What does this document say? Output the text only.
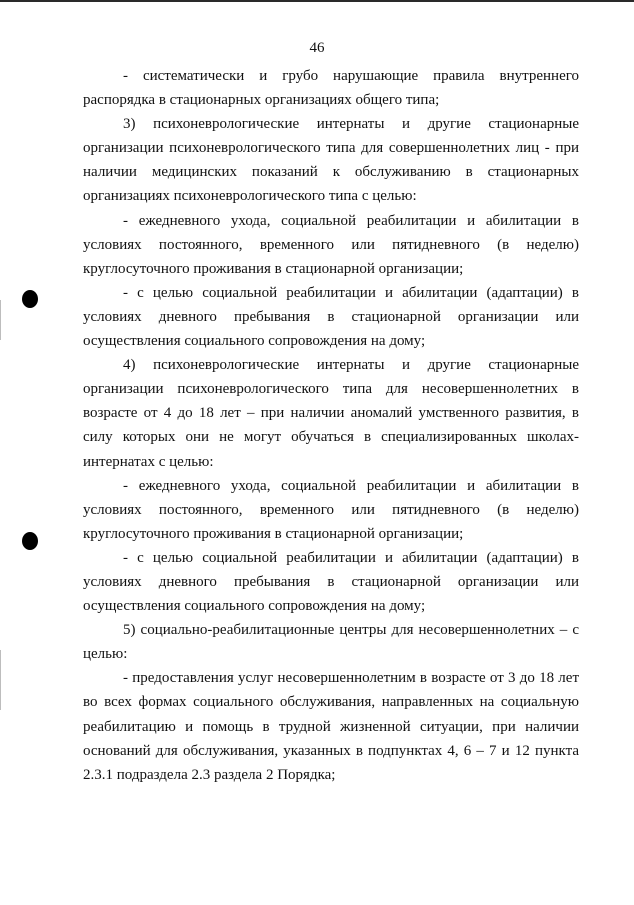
46

- систематически и грубо нарушающие правила внутреннего распорядка в стационарных организациях общего типа;

3) психоневрологические интернаты и другие стационарные организации психоневрологического типа для совершеннолетних лиц - при наличии медицинских показаний к обслуживанию в стационарных организациях психоневрологического типа с целью:

- ежедневного ухода, социальной реабилитации и абилитации в условиях постоянного, временного или пятидневного (в неделю) круглосуточного проживания в стационарной организации;

- с целью социальной реабилитации и абилитации (адаптации) в условиях дневного пребывания в стационарной организации или осуществления социального сопровождения на дому;

4) психоневрологические интернаты и другие стационарные организации психоневрологического типа для несовершеннолетних в возрасте от 4 до 18 лет – при наличии аномалий умственного развития, в силу которых они не могут обучаться в специализированных школах-интернатах с целью:

- ежедневного ухода, социальной реабилитации и абилитации в условиях постоянного, временного или пятидневного (в неделю) круглосуточного проживания в стационарной организации;

- с целью социальной реабилитации и абилитации (адаптации) в условиях дневного пребывания в стационарной организации или осуществления социального сопровождения на дому;

5) социально-реабилитационные центры для несовершеннолетних – с целью:

- предоставления услуг несовершеннолетним в возрасте от 3 до 18 лет во всех формах социального обслуживания, направленных на социальную реабилитацию и помощь в трудной жизненной ситуации, при наличии оснований для обслуживания, указанных в подпунктах 4, 6 – 7 и 12 пункта 2.3.1 подраздела 2.3 раздела 2 Порядка;
